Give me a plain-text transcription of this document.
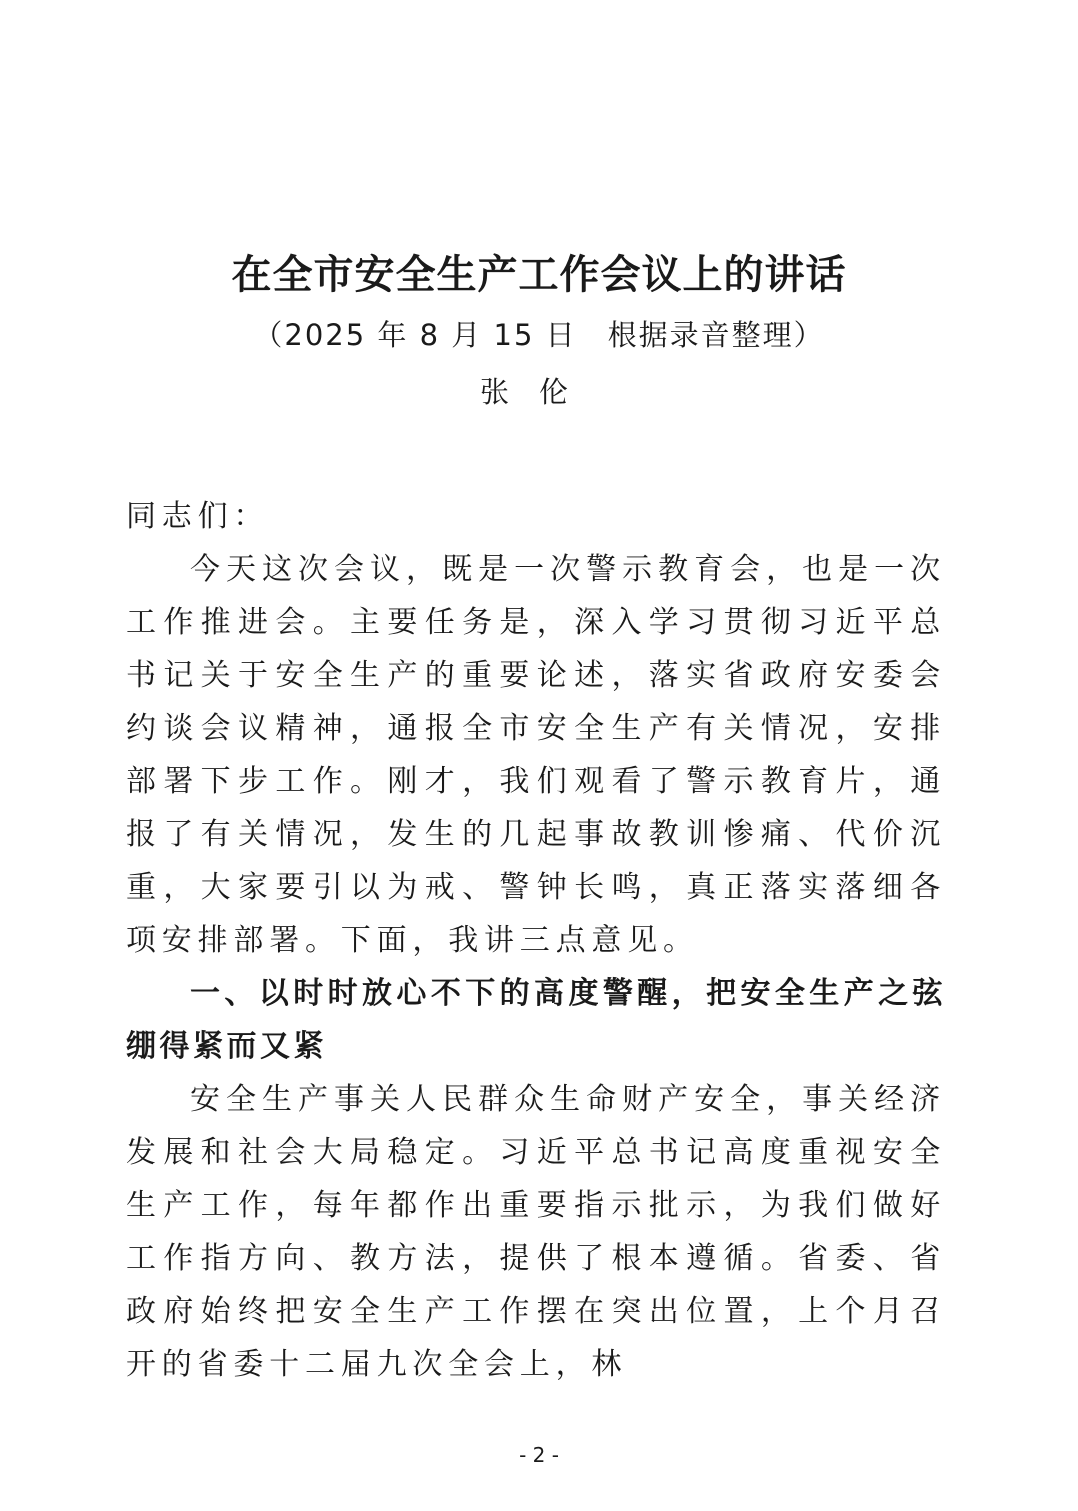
在全市安全生产工作会议上的讲话
（2025 年 8 月 15 日　根据录音整理）
张伦

同志们：

今天这次会议，既是一次警示教育会，也是一次工作推进会。主要任务是，深入学习贯彻习近平总书记关于安全生产的重要论述，落实省政府安委会约谈会议精神，通报全市安全生产有关情况，安排部署下步工作。刚才，我们观看了警示教育片，通报了有关情况，发生的几起事故教训惨痛、代价沉重，大家要引以为戒、警钟长鸣，真正落实落细各项安排部署。下面，我讲三点意见。

一、以时时放心不下的高度警醒，把安全生产之弦绷得紧而又紧

安全生产事关人民群众生命财产安全，事关经济发展和社会大局稳定。习近平总书记高度重视安全生产工作，每年都作出重要指示批示，为我们做好工作指方向、教方法，提供了根本遵循。省委、省政府始终把安全生产工作摆在突出位置，上个月召开的省委十二届九次全会上，林

- 2 -
